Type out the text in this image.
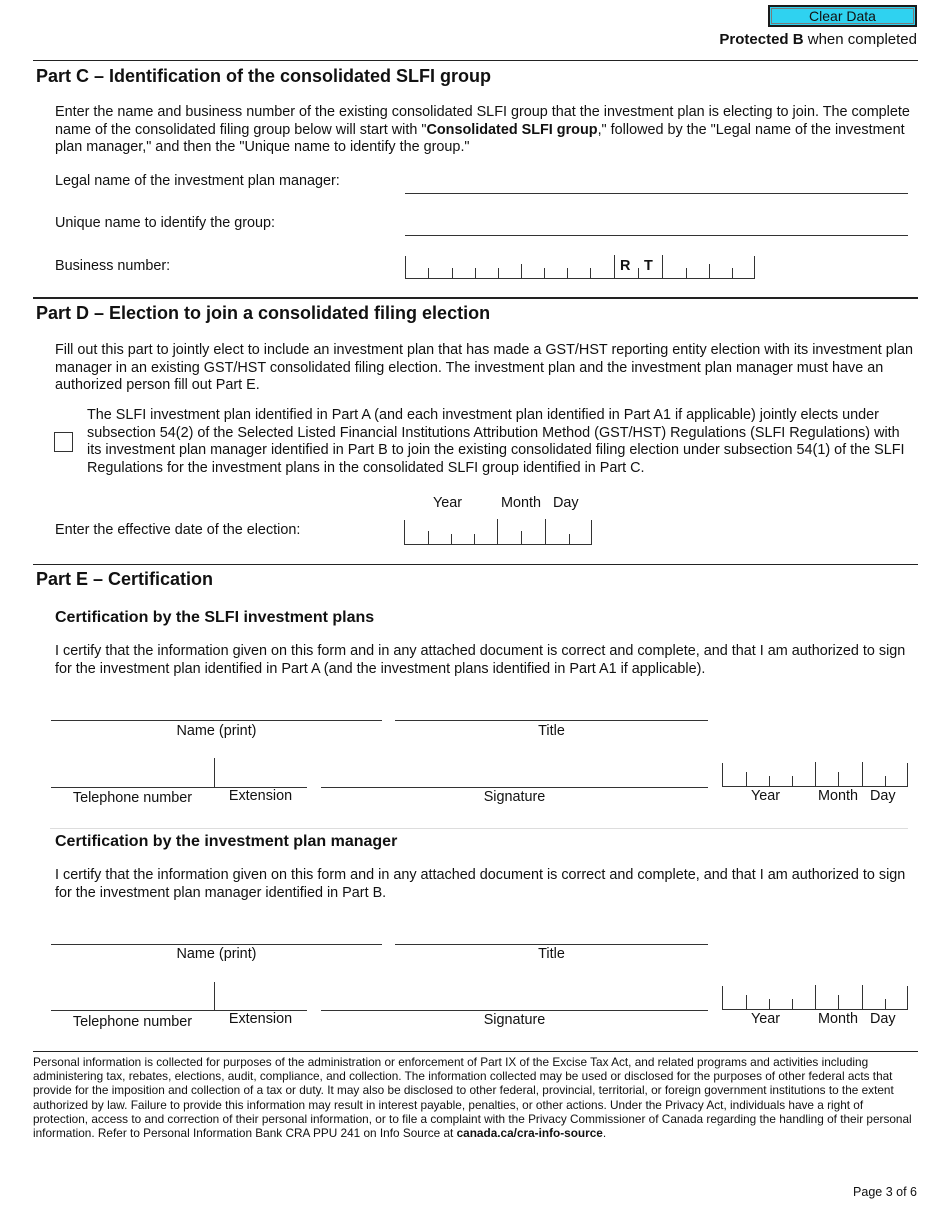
Clear Data
Protected B when completed
Part C – Identification of the consolidated SLFI group
Enter the name and business number of the existing consolidated SLFI group that the investment plan is electing to join. The complete name of the consolidated filing group below will start with "Consolidated SLFI group," followed by the "Legal name of the investment plan manager," and then the "Unique name to identify the group."
Legal name of the investment plan manager:
Unique name to identify the group:
Business number:	R T
Part D – Election to join a consolidated filing election
Fill out this part to jointly elect to include an investment plan that has made a GST/HST reporting entity election with its investment plan manager in an existing GST/HST consolidated filing election. The investment plan and the investment plan manager must have an authorized person fill out Part E.
The SLFI investment plan identified in Part A (and each investment plan identified in Part A1 if applicable) jointly elects under subsection 54(2) of the Selected Listed Financial Institutions Attribution Method (GST/HST) Regulations (SLFI Regulations) with its investment plan manager identified in Part B to join the existing consolidated filing election under subsection 54(1) of the SLFI Regulations for the investment plans in the consolidated SLFI group identified in Part C.
Year	Month Day
Enter the effective date of the election:
Part E – Certification
Certification by the SLFI investment plans
I certify that the information given on this form and in any attached document is correct and complete, and that I am authorized to sign for the investment plan identified in Part A (and the investment plans identified in Part A1 if applicable).
Name (print)	Title
Telephone number	Extension	Signature	Year	Month Day
Certification by the investment plan manager
I certify that the information given on this form and in any attached document is correct and complete, and that I am authorized to sign for the investment plan manager identified in Part B.
Name (print)	Title
Telephone number	Extension	Signature	Year	Month Day
Personal information is collected for purposes of the administration or enforcement of Part IX of the Excise Tax Act, and related programs and activities including administering tax, rebates, elections, audit, compliance, and collection. The information collected may be used or disclosed for the purposes of other federal acts that provide for the imposition and collection of a tax or duty. It may also be disclosed to other federal, provincial, territorial, or foreign government institutions to the extent authorized by law. Failure to provide this information may result in interest payable, penalties, or other actions. Under the Privacy Act, individuals have a right of protection, access to and correction of their personal information, or to file a complaint with the Privacy Commissioner of Canada regarding the handling of their personal information. Refer to Personal Information Bank CRA PPU 241 on Info Source at canada.ca/cra-info-source.
Page 3 of 6
